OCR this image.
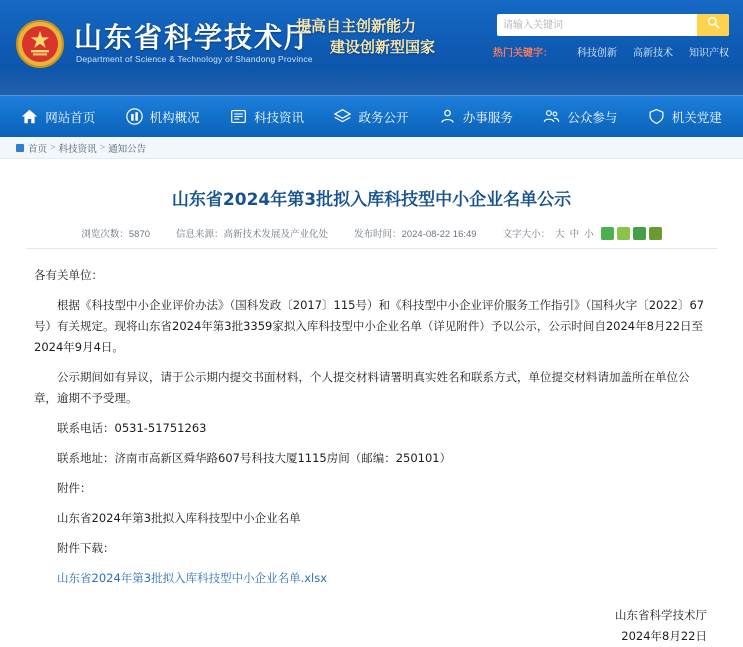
山东省科学技术厅
Department of Science & Technology of Shandong Province
提高自主创新能力
建设创新型国家
请输入关键词	热门关键字： 科技创新 高新技术 知识产权
网站首页	机构概况	科技资讯	政务公开	办事服务	公众参与	机关党建
首页 > 科技资讯 > 通知公告
山东省2024年第3批拟入库科技型中小企业名单公示
浏览次数：5870	信息来源：高新技术发展及产业化处	发布时间：2024-08-22 16:49	文字大小： 大 中 小

各有关单位：

根据《科技型中小企业评价办法》（国科发政〔2017〕115号）和《科技型中小企业评价服务工作指引》（国科火字〔2022〕67号）有关规定。现将山东省2024年第3批3359家拟入库科技型中小企业名单（详见附件）予以公示，公示时间自2024年8月22日至2024年9月4日。

公示期间如有异议，请于公示期内提交书面材料，个人提交材料请署明真实姓名和联系方式，单位提交材料请加盖所在单位公章，逾期不予受理。

联系电话：0531-51751263

联系地址：济南市高新区舜华路607号科技大厦1115房间（邮编：250101）

附件：

山东省2024年第3批拟入库科技型中小企业名单

附件下载：

山东省2024年第3批拟入库科技型中小企业名单.xlsx

山东省科学技术厅
2024年8月22日
